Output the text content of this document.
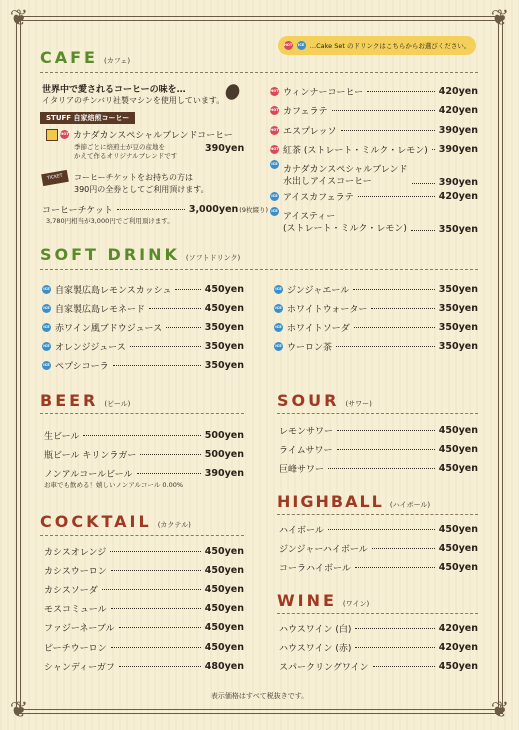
❦	❦
❦	❦
CAFE (カフェ)
HOT	ICE …Cake Set のドリンクはこちらからお選びください。
世界中で愛されるコーヒーの味を…
イタリアのチンバリ社製マシンを使用しています。
STUFF 自家焙煎コーヒー
HOT カナダカンスペシャルブレンドコーヒー
季節ごとに焙煎士が豆の産地を
かえて作るオリジナルブレンドです
390yen
TICKET	コーヒーチケットをお持ちの方は
390円の全券としてご利用頂けます。
コーヒーチケット	3,000yen (9枚綴り)
3,780円相当が3,000円でご利用頂けます。
HOT ウィンナーコーヒー	420yen
HOT カフェラテ	420yen
HOT エスプレッソ	390yen
HOT 紅茶 (ストレート・ミルク・レモン) 390yen
ICE
カナダカンスペシャルブレンド
水出しアイスコーヒー	390yen
ICE アイスカフェラテ	420yen
ICE
アイスティー
(ストレート・ミルク・レモン)	350yen
SOFT DRINK (ソフトドリンク)
ICE 自家製広島レモンスカッシュ	450yen
ICE 自家製広島レモネード	450yen
ICE 赤ワイン風ブドウジュース	350yen
ICE オレンジジュース	350yen
ICE ペプシコーラ	350yen
ICE ジンジャエール	350yen
ICE ホワイトウォーター	350yen
ICE ホワイトソーダ	350yen
ICE ウーロン茶	350yen
BEER (ビール)
生ビール	500yen
瓶ビール キリンラガー	500yen
ノンアルコールビール	390yen
お車でも飲める！嬉しいノンアルコール 0.00%
SOUR (サワー)
レモンサワー	450yen
ライムサワー	450yen
巨峰サワー	450yen
COCKTAIL (カクテル)
カシスオレンジ	450yen
カシスウーロン	450yen
カシスソーダ	450yen
モスコミュール	450yen
ファジーネーブル	450yen
ピーチウーロン	450yen
シャンディーガフ	480yen
HIGHBALL (ハイボール)
ハイボール	450yen
ジンジャーハイボール	450yen
コーラハイボール	450yen
WINE (ワイン)
ハウスワイン (白)	420yen
ハウスワイン (赤)	420yen
スパークリングワイン	450yen
表示価格はすべて税抜きです。
